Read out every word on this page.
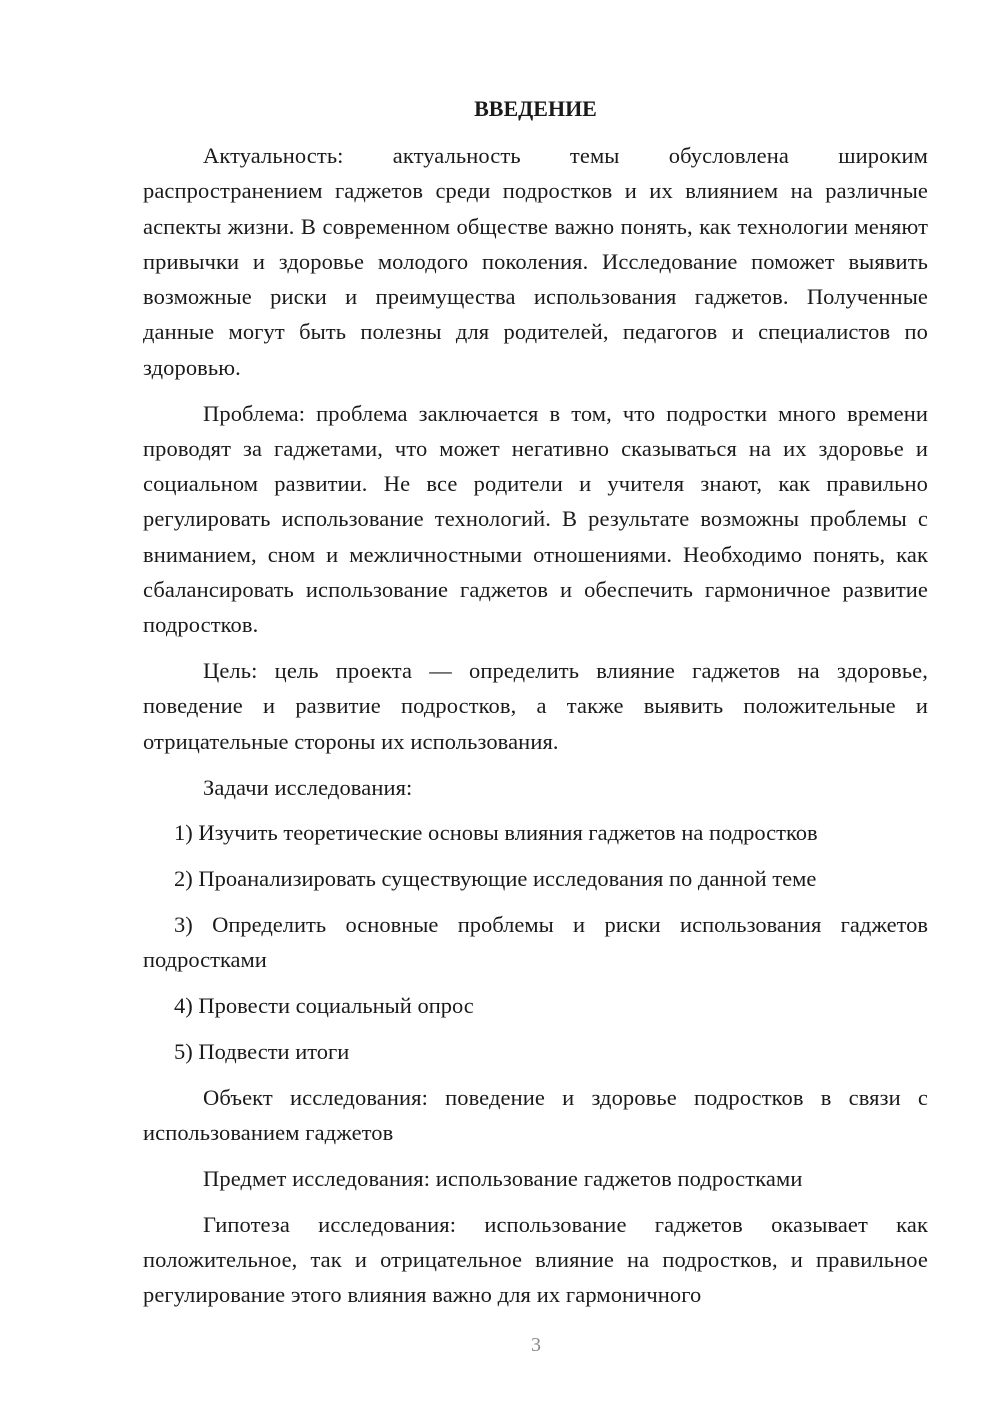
ВВЕДЕНИЕ

Актуальность: актуальность темы обусловлена широким распространением гаджетов среди подростков и их влиянием на различные аспекты жизни. В современном обществе важно понять, как технологии меняют привычки и здоровье молодого поколения. Исследование поможет выявить возможные риски и преимущества использования гаджетов. Полученные данные могут быть полезны для родителей, педагогов и специалистов по здоровью.

Проблема: проблема заключается в том, что подростки много времени проводят за гаджетами, что может негативно сказываться на их здоровье и социальном развитии. Не все родители и учителя знают, как правильно регулировать использование технологий. В результате возможны проблемы с вниманием, сном и межличностными отношениями. Необходимо понять, как сбалансировать использование гаджетов и обеспечить гармоничное развитие подростков.

Цель: цель проекта — определить влияние гаджетов на здоровье, поведение и развитие подростков, а также выявить положительные и отрицательные стороны их использования.

Задачи исследования:

1) Изучить теоретические основы влияния гаджетов на подростков

2) Проанализировать существующие исследования по данной теме

3) Определить основные проблемы и риски использования гаджетов подростками

4) Провести социальный опрос

5) Подвести итоги

Объект исследования: поведение и здоровье подростков в связи с использованием гаджетов

Предмет исследования: использование гаджетов подростками

Гипотеза исследования: использование гаджетов оказывает как положительное, так и отрицательное влияние на подростков, и правильное регулирование этого влияния важно для их гармоничного

3
